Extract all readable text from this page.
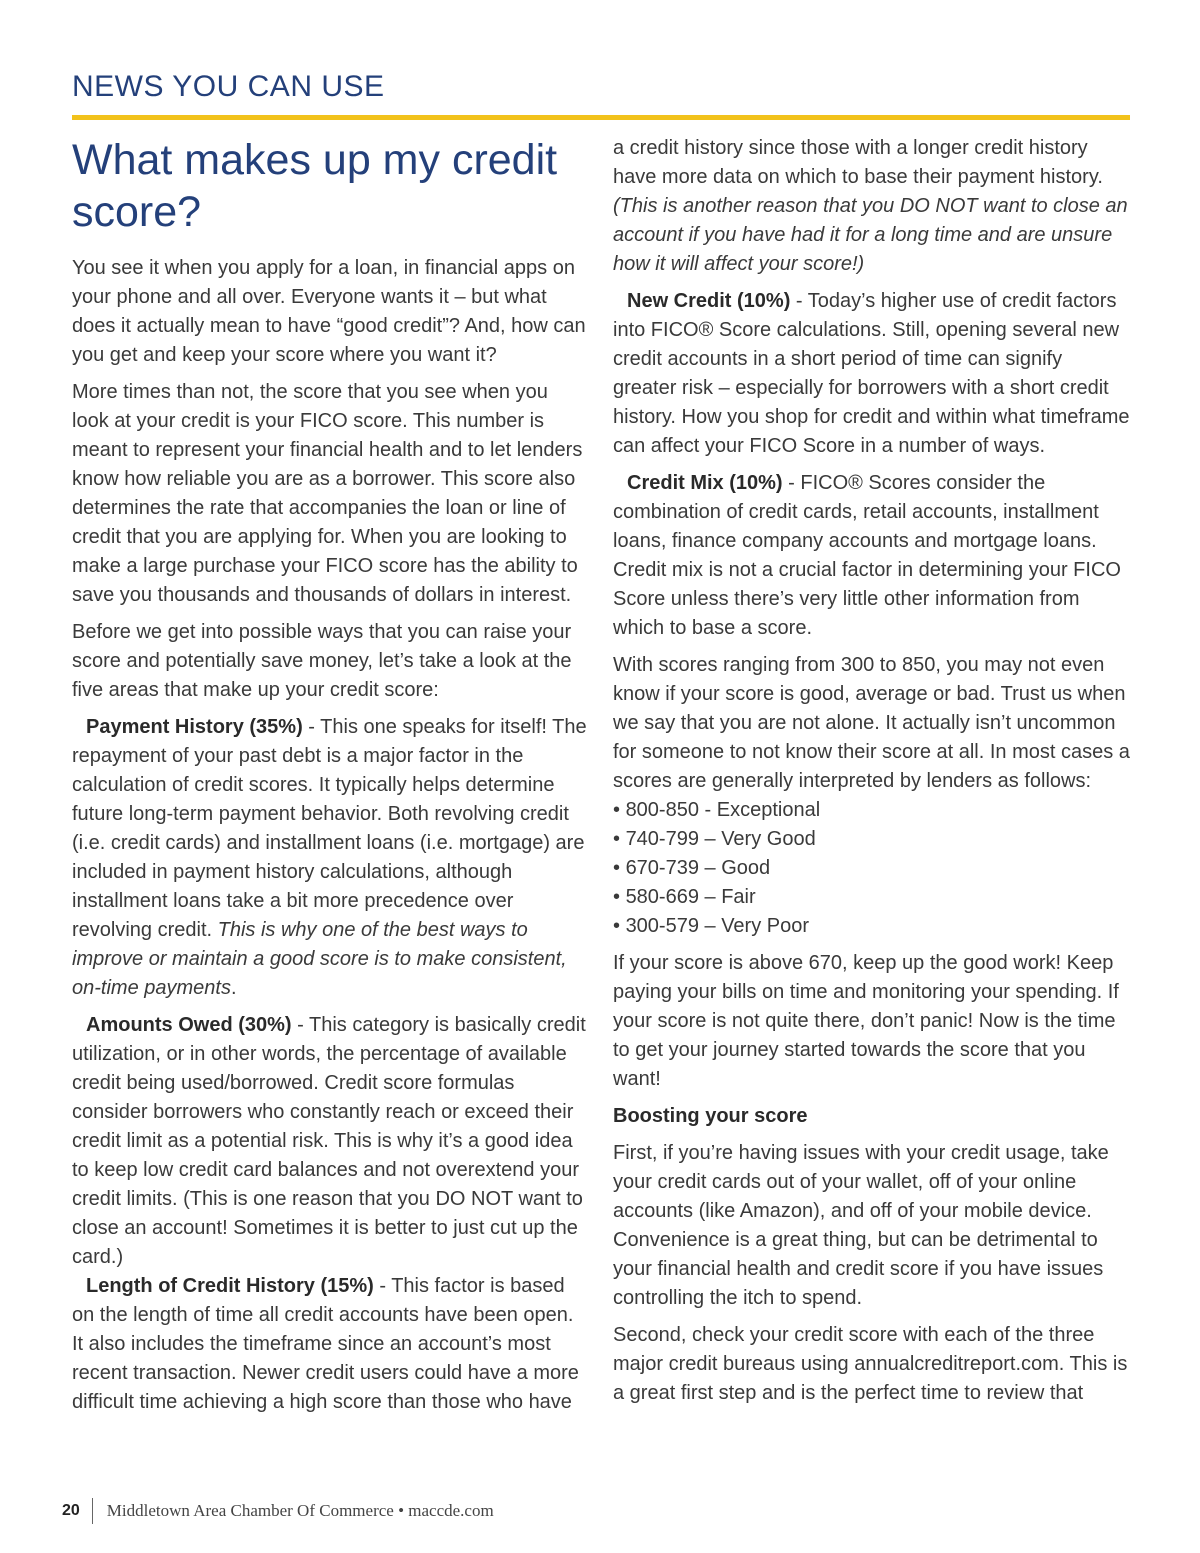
NEWS YOU CAN USE
What makes up my credit score?

You see it when you apply for a loan, in financial apps on your phone and all over. Everyone wants it – but what does it actually mean to have “good credit”? And, how can you get and keep your score where you want it?

More times than not, the score that you see when you look at your credit is your FICO score. This number is meant to represent your financial health and to let lenders know how reliable you are as a borrower. This score also determines the rate that accompanies the loan or line of credit that you are applying for. When you are looking to make a large purchase your FICO score has the ability to save you thousands and thousands of dollars in interest.

Before we get into possible ways that you can raise your score and potentially save money, let’s take a look at the five areas that make up your credit score:

Payment History (35%) - This one speaks for itself! The repayment of your past debt is a major factor in the calculation of credit scores. It typically helps determine future long-term payment behavior. Both revolving credit (i.e. credit cards) and installment loans (i.e. mortgage) are included in payment history calculations, although installment loans take a bit more precedence over revolving credit. This is why one of the best ways to improve or maintain a good score is to make consistent, on-time payments.

Amounts Owed (30%) - This category is basically credit utilization, or in other words, the percentage of available credit being used/borrowed. Credit score formulas consider borrowers who constantly reach or exceed their credit limit as a potential risk. This is why it’s a good idea to keep low credit card balances and not overextend your credit limits. (This is one reason that you DO NOT want to close an account! Sometimes it is better to just cut up the card.)

Length of Credit History (15%) - This factor is based on the length of time all credit accounts have been open. It also includes the timeframe since an account’s most recent transaction. Newer credit users could have a more difficult time achieving a high score than those who have

a credit history since those with a longer credit history have more data on which to base their payment history. (This is another reason that you DO NOT want to close an account if you have had it for a long time and are unsure how it will affect your score!)

New Credit (10%) - Today’s higher use of credit factors into FICO® Score calculations. Still, opening several new credit accounts in a short period of time can signify greater risk – especially for borrowers with a short credit history. How you shop for credit and within what timeframe can affect your FICO Score in a number of ways.

Credit Mix (10%) - FICO® Scores consider the combination of credit cards, retail accounts, installment loans, finance company accounts and mortgage loans. Credit mix is not a crucial factor in determining your FICO Score unless there’s very little other information from which to base a score.

With scores ranging from 300 to 850, you may not even know if your score is good, average or bad. Trust us when we say that you are not alone. It actually isn’t uncommon for someone to not know their score at all. In most cases a scores are generally interpreted by lenders as follows:

• 800-850 - Exceptional
• 740-799 – Very Good
• 670-739 – Good
• 580-669 – Fair
• 300-579 – Very Poor

If your score is above 670, keep up the good work! Keep paying your bills on time and monitoring your spending. If your score is not quite there, don’t panic! Now is the time to get your journey started towards the score that you want!

Boosting your score

First, if you’re having issues with your credit usage, take your credit cards out of your wallet, off of your online accounts (like Amazon), and off of your mobile device. Convenience is a great thing, but can be detrimental to your financial health and credit score if you have issues controlling the itch to spend.

Second, check your credit score with each of the three major credit bureaus using annualcreditreport.com. This is a great first step and is the perfect time to review that

20 Middletown Area Chamber Of Commerce • maccde.com
